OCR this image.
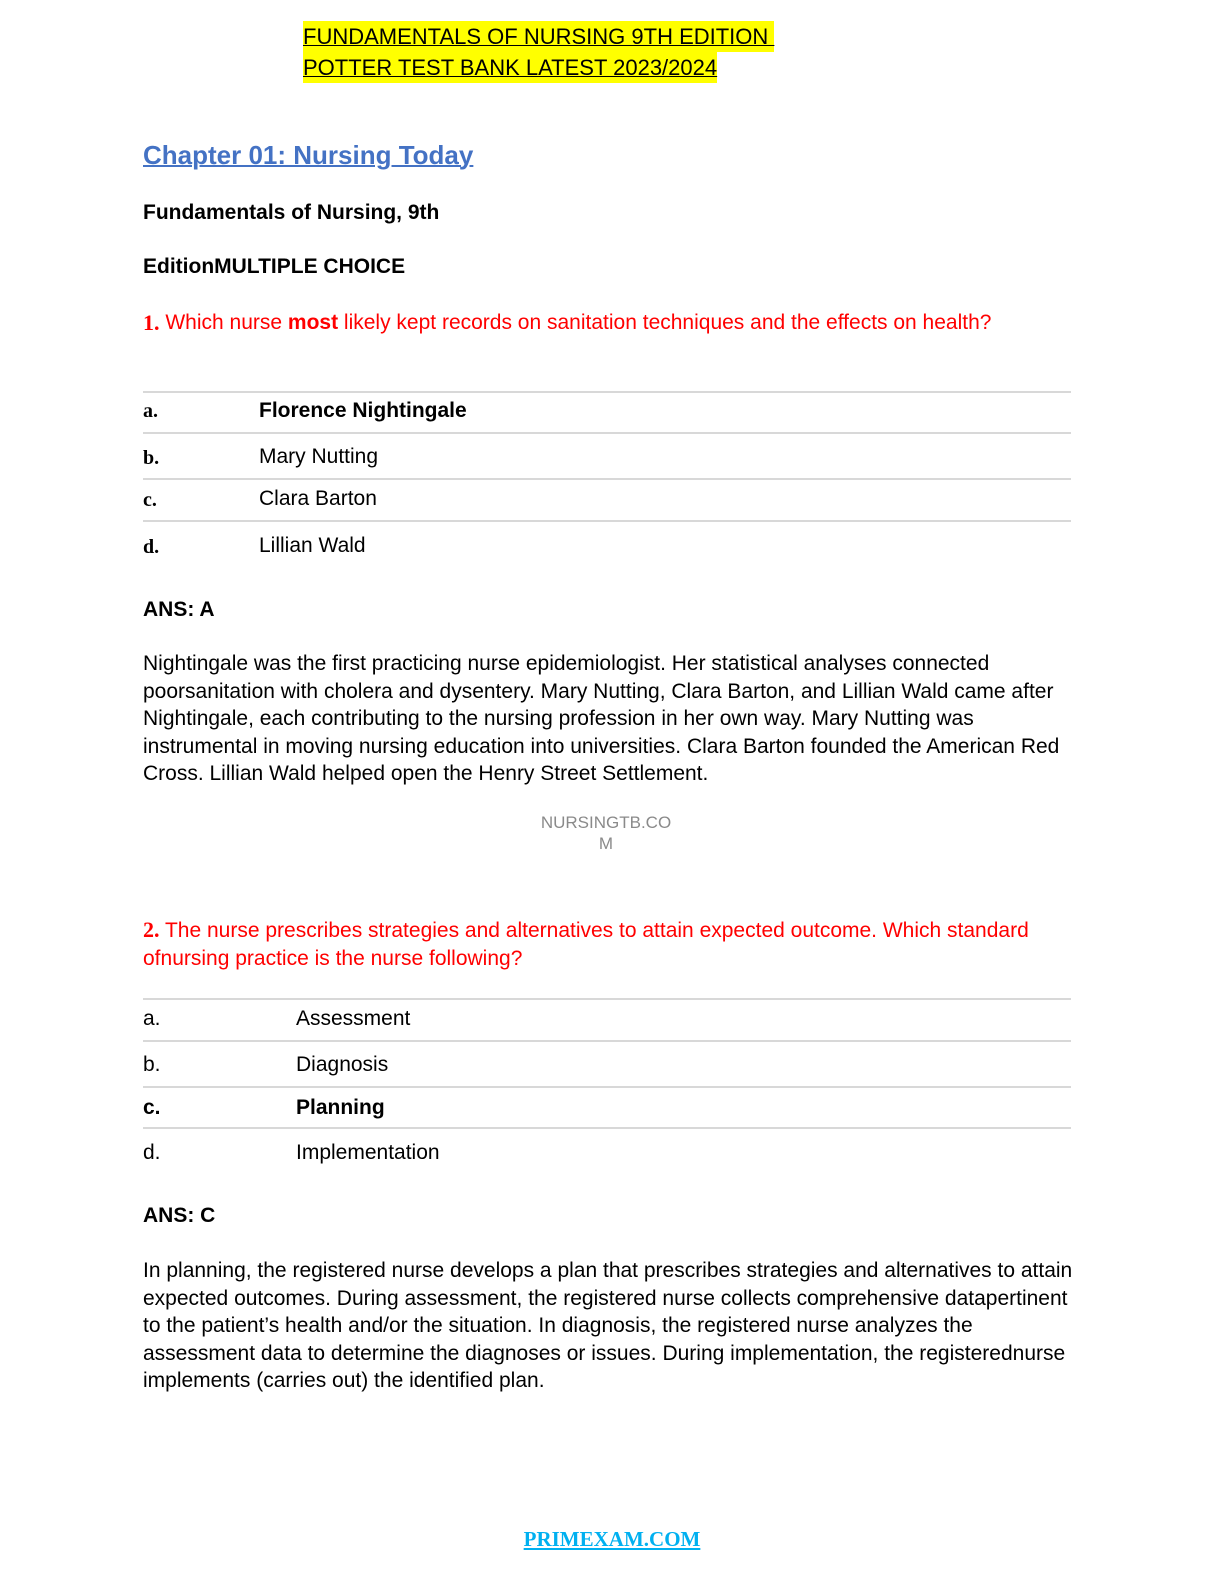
FUNDAMENTALS OF NURSING 9TH EDITION
POTTER TEST BANK LATEST 2023/2024
Chapter 01: Nursing Today
Fundamentals of Nursing, 9th
EditionMULTIPLE CHOICE
1. Which nurse most likely kept records on sanitation techniques and the effects on health?
a.	Florence Nightingale
b.	Mary Nutting
c.	Clara Barton
d.	Lillian Wald
ANS: A
Nightingale was the first practicing nurse epidemiologist. Her statistical analyses connected poorsanitation with cholera and dysentery. Mary Nutting, Clara Barton, and Lillian Wald came after Nightingale, each contributing to the nursing profession in her own way. Mary Nutting was instrumental in moving nursing education into universities. Clara Barton founded the American Red Cross. Lillian Wald helped open the Henry Street Settlement.
NURSINGTB.CO
M
2. The nurse prescribes strategies and alternatives to attain expected outcome. Which standard ofnursing practice is the nurse following?
a.	Assessment
b.	Diagnosis
c.	Planning
d.	Implementation
ANS: C
In planning, the registered nurse develops a plan that prescribes strategies and alternatives to attain expected outcomes. During assessment, the registered nurse collects comprehensive datapertinent to the patient’s health and/or the situation. In diagnosis, the registered nurse analyzes the assessment data to determine the diagnoses or issues. During implementation, the registerednurse implements (carries out) the identified plan.
PRIMEXAM.COM
